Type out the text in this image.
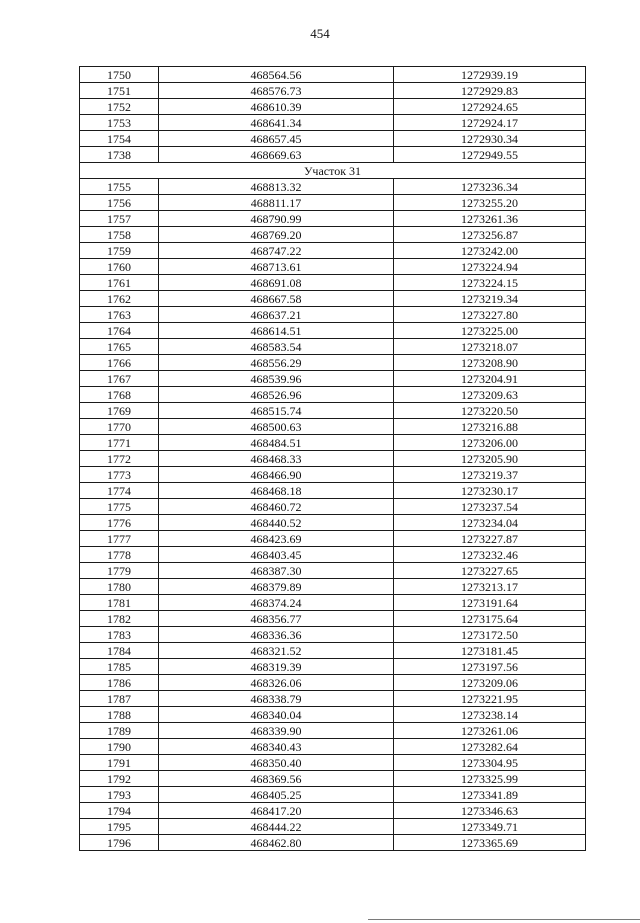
454
1750	468564.56	1272939.19
1751	468576.73	1272929.83
1752	468610.39	1272924.65
1753	468641.34	1272924.17
1754	468657.45	1272930.34
1738	468669.63	1272949.55
Участок 31		
1755	468813.32	1273236.34
1756	468811.17	1273255.20
1757	468790.99	1273261.36
1758	468769.20	1273256.87
1759	468747.22	1273242.00
1760	468713.61	1273224.94
1761	468691.08	1273224.15
1762	468667.58	1273219.34
1763	468637.21	1273227.80
1764	468614.51	1273225.00
1765	468583.54	1273218.07
1766	468556.29	1273208.90
1767	468539.96	1273204.91
1768	468526.96	1273209.63
1769	468515.74	1273220.50
1770	468500.63	1273216.88
1771	468484.51	1273206.00
1772	468468.33	1273205.90
1773	468466.90	1273219.37
1774	468468.18	1273230.17
1775	468460.72	1273237.54
1776	468440.52	1273234.04
1777	468423.69	1273227.87
1778	468403.45	1273232.46
1779	468387.30	1273227.65
1780	468379.89	1273213.17
1781	468374.24	1273191.64
1782	468356.77	1273175.64
1783	468336.36	1273172.50
1784	468321.52	1273181.45
1785	468319.39	1273197.56
1786	468326.06	1273209.06
1787	468338.79	1273221.95
1788	468340.04	1273238.14
1789	468339.90	1273261.06
1790	468340.43	1273282.64
1791	468350.40	1273304.95
1792	468369.56	1273325.99
1793	468405.25	1273341.89
1794	468417.20	1273346.63
1795	468444.22	1273349.71
1796	468462.80	1273365.69
